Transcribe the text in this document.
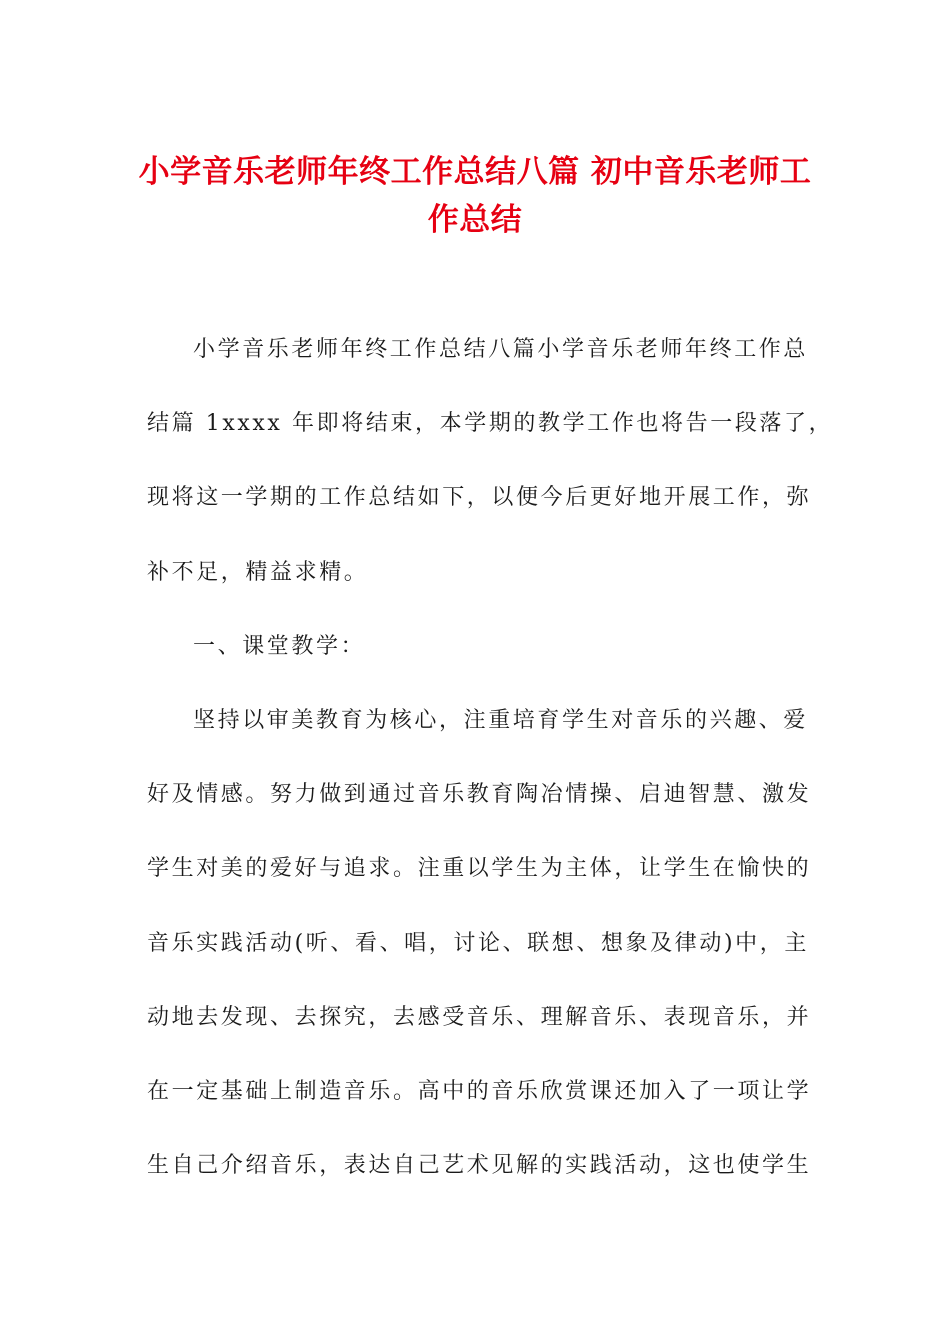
小学音乐老师年终工作总结八篇 初中音乐老师工作总结
小学音乐老师年终工作总结八篇小学音乐老师年终工作总
结篇 1xxxx 年即将结束，本学期的教学工作也将告一段落了，
现将这一学期的工作总结如下，以便今后更好地开展工作，弥
补不足，精益求精。
一、课堂教学：
坚持以审美教育为核心，注重培育学生对音乐的兴趣、爱
好及情感。努力做到通过音乐教育陶冶情操、启迪智慧、激发
学生对美的爱好与追求。注重以学生为主体，让学生在愉快的
音乐实践活动(听、看、唱，讨论、联想、想象及律动)中，主
动地去发现、去探究，去感受音乐、理解音乐、表现音乐，并
在一定基础上制造音乐。高中的音乐欣赏课还加入了一项让学
生自己介绍音乐，表达自己艺术见解的实践活动，这也使学生
